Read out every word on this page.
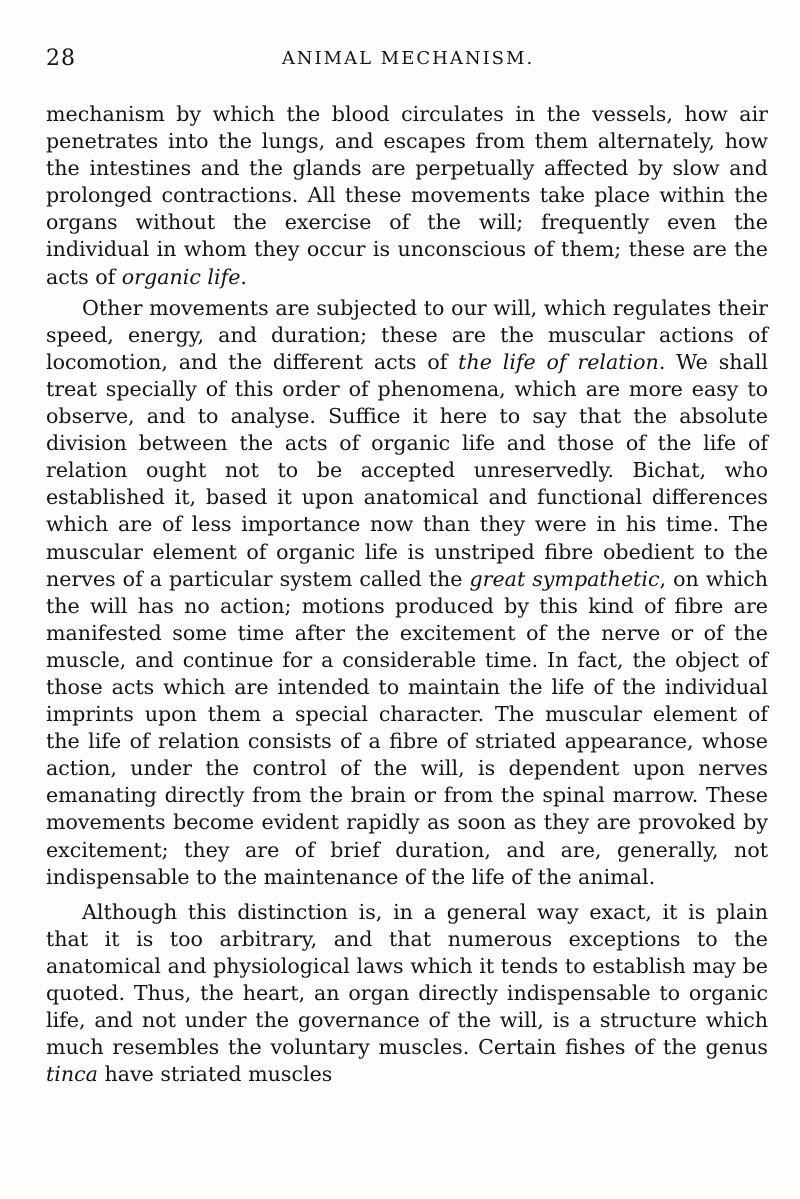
28	ANIMAL MECHANISM.

mechanism by which the blood circulates in the vessels, how air penetrates into the lungs, and escapes from them alternately, how the intestines and the glands are perpetually affected by slow and prolonged contractions. All these movements take place within the organs without the exercise of the will; frequently even the individual in whom they occur is unconscious of them; these are the acts of organic life.

Other movements are subjected to our will, which regulates their speed, energy, and duration; these are the muscular actions of locomotion, and the different acts of the life of relation. We shall treat specially of this order of phenomena, which are more easy to observe, and to analyse. Suffice it here to say that the absolute division between the acts of organic life and those of the life of relation ought not to be accepted unreservedly. Bichat, who established it, based it upon anatomical and functional differences which are of less importance now than they were in his time. The muscular element of organic life is unstriped fibre obedient to the nerves of a particular system called the great sympathetic, on which the will has no action; motions produced by this kind of fibre are manifested some time after the excitement of the nerve or of the muscle, and continue for a considerable time. In fact, the object of those acts which are intended to maintain the life of the individual imprints upon them a special character. The muscular element of the life of relation consists of a fibre of striated appearance, whose action, under the control of the will, is dependent upon nerves emanating directly from the brain or from the spinal marrow. These movements become evident rapidly as soon as they are provoked by excitement; they are of brief duration, and are, generally, not indispensable to the maintenance of the life of the animal.

Although this distinction is, in a general way exact, it is plain that it is too arbitrary, and that numerous exceptions to the anatomical and physiological laws which it tends to establish may be quoted. Thus, the heart, an organ directly indispensable to organic life, and not under the governance of the will, is a structure which much resembles the voluntary muscles. Certain fishes of the genus tinca have striated muscles
